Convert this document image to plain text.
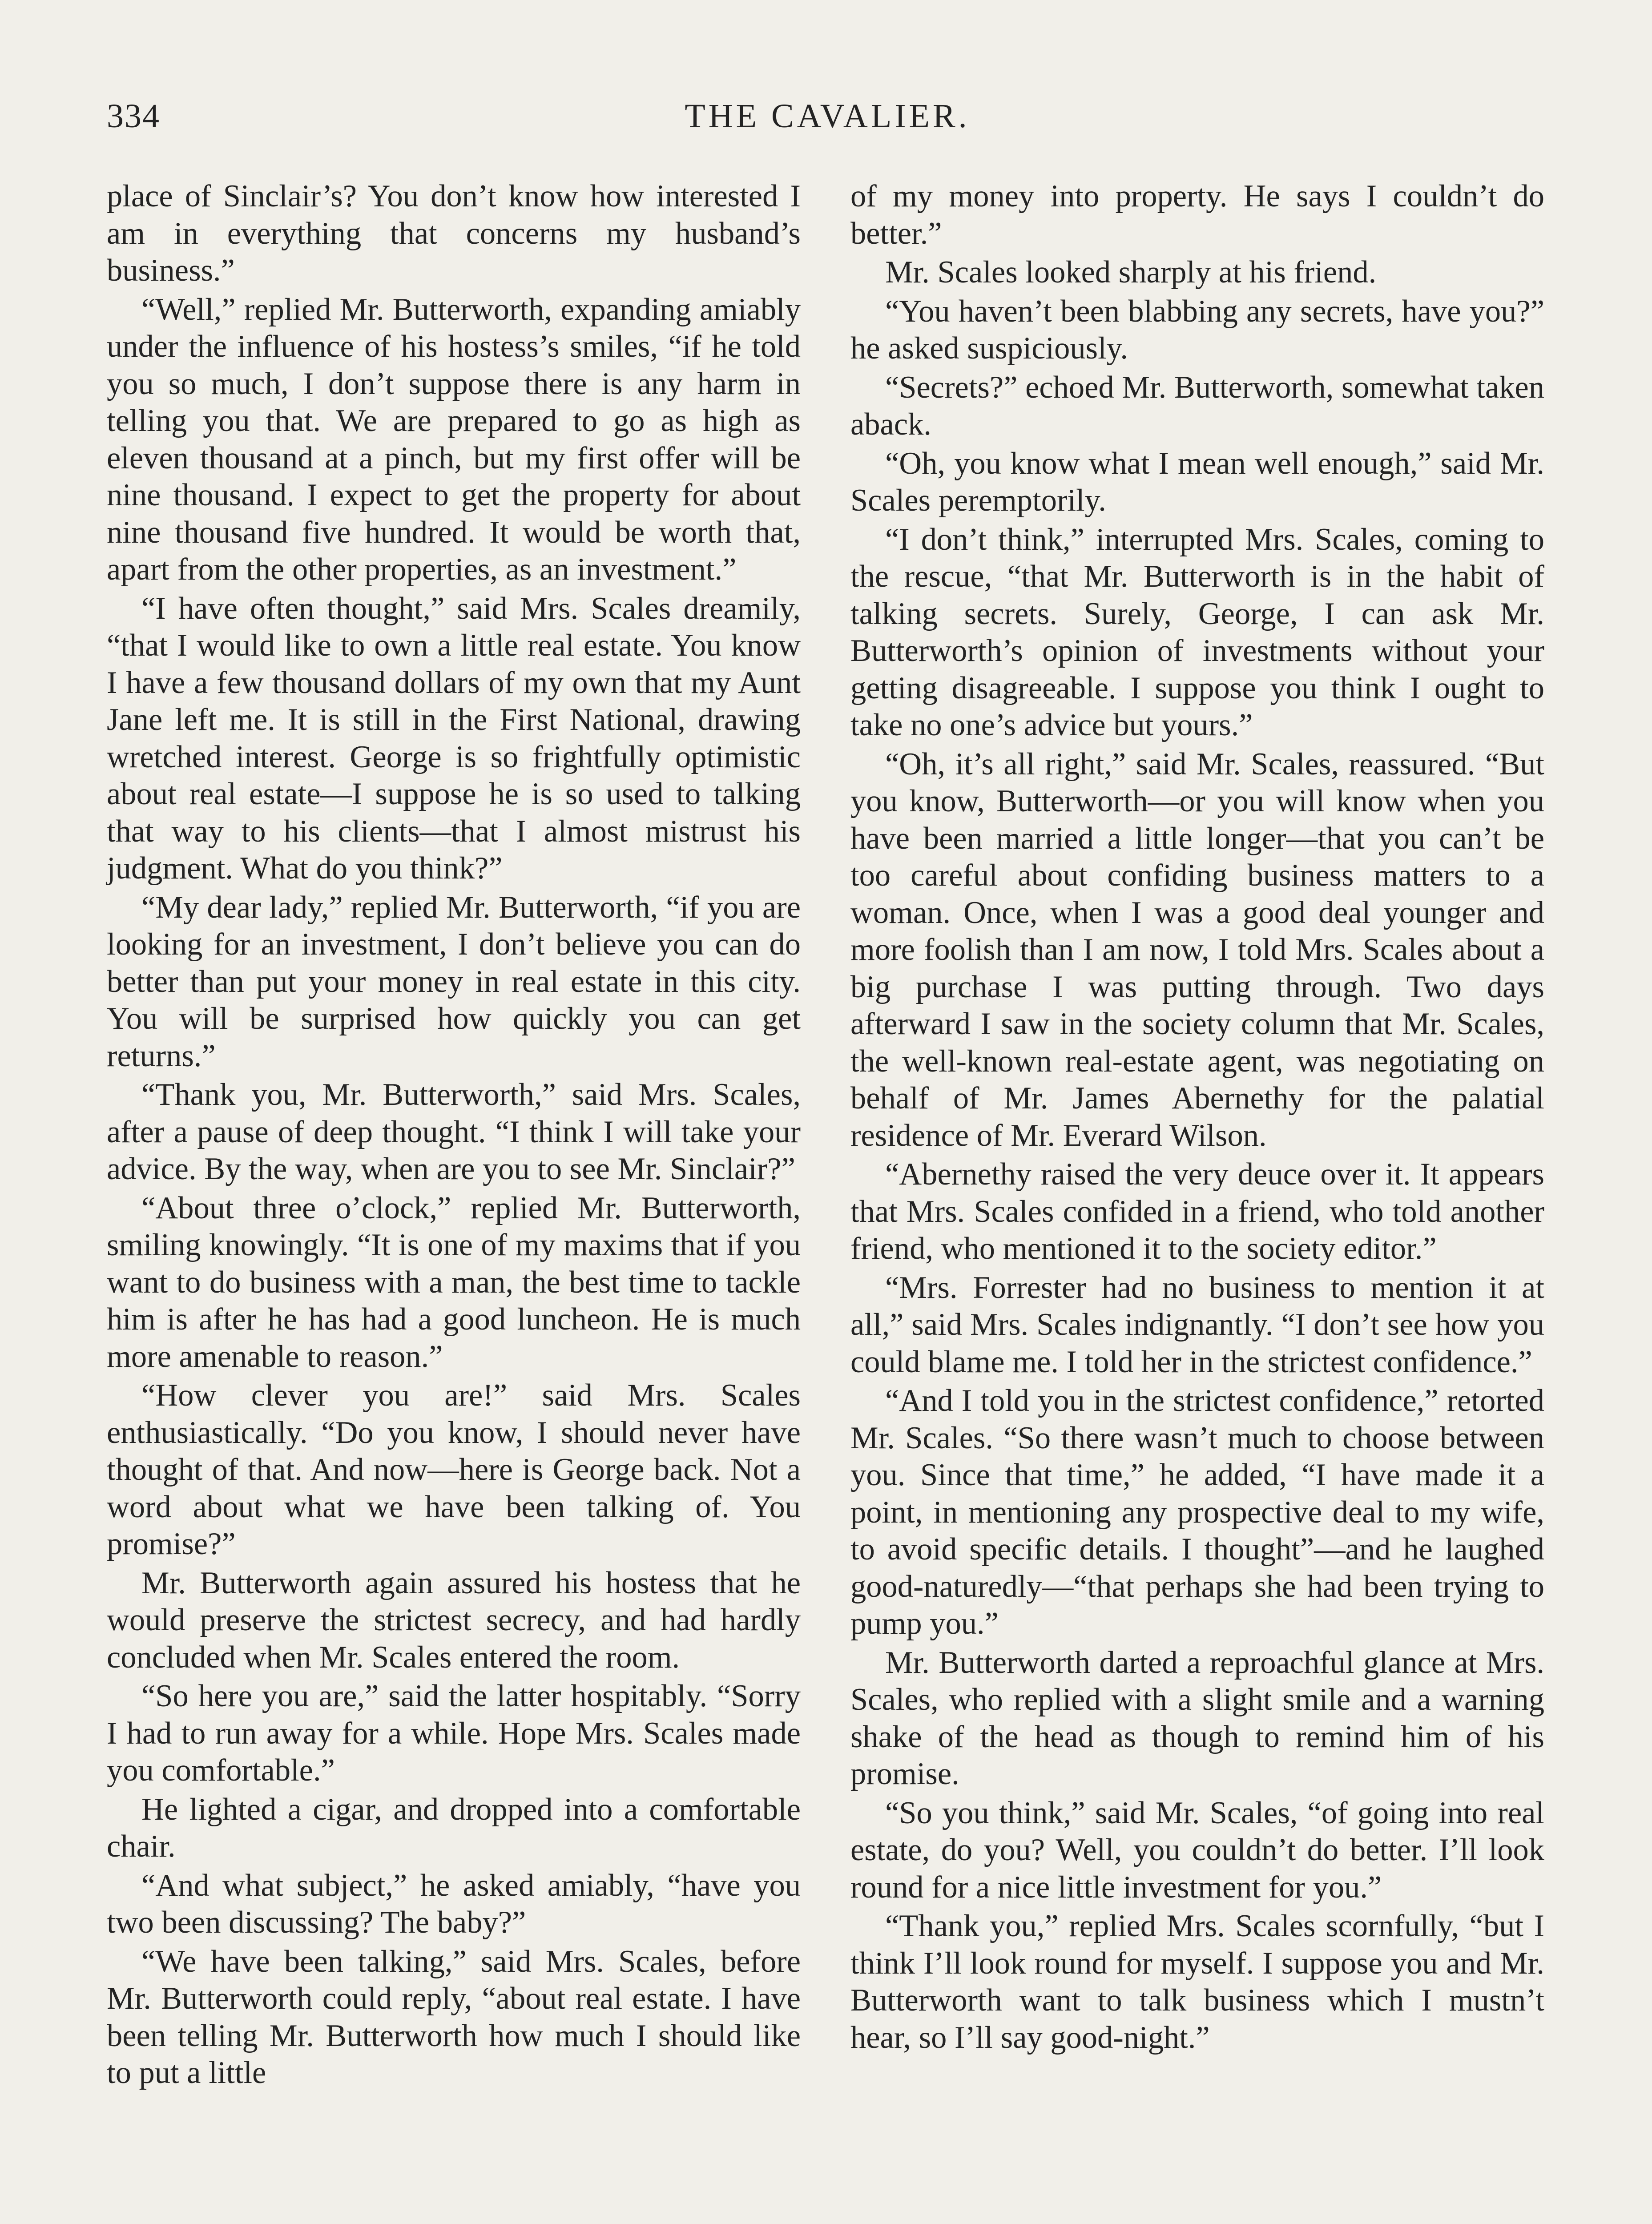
334	THE CAVALIER.

place of Sinclair’s? You don’t know how interested I am in everything that concerns my husband’s business.”

“Well,” replied Mr. Butterworth, expanding amiably under the influence of his hostess’s smiles, “if he told you so much, I don’t suppose there is any harm in telling you that. We are prepared to go as high as eleven thousand at a pinch, but my first offer will be nine thousand. I expect to get the property for about nine thousand five hundred. It would be worth that, apart from the other properties, as an investment.”

“I have often thought,” said Mrs. Scales dreamily, “that I would like to own a little real estate. You know I have a few thousand dollars of my own that my Aunt Jane left me. It is still in the First National, drawing wretched interest. George is so frightfully optimistic about real estate—I suppose he is so used to talking that way to his clients—that I almost mistrust his judgment. What do you think?”

“My dear lady,” replied Mr. Butterworth, “if you are looking for an investment, I don’t believe you can do better than put your money in real estate in this city. You will be surprised how quickly you can get returns.”

“Thank you, Mr. Butterworth,” said Mrs. Scales, after a pause of deep thought. “I think I will take your advice. By the way, when are you to see Mr. Sinclair?”

“About three o’clock,” replied Mr. Butterworth, smiling knowingly. “It is one of my maxims that if you want to do business with a man, the best time to tackle him is after he has had a good luncheon. He is much more amenable to reason.”

“How clever you are!” said Mrs. Scales enthusiastically. “Do you know, I should never have thought of that. And now—here is George back. Not a word about what we have been talking of. You promise?”

Mr. Butterworth again assured his hostess that he would preserve the strictest secrecy, and had hardly concluded when Mr. Scales entered the room.

“So here you are,” said the latter hospitably. “Sorry I had to run away for a while. Hope Mrs. Scales made you comfortable.”

He lighted a cigar, and dropped into a comfortable chair.

“And what subject,” he asked amiably, “have you two been discussing? The baby?”

“We have been talking,” said Mrs. Scales, before Mr. Butterworth could reply, “about real estate. I have been telling Mr. Butterworth how much I should like to put a little

of my money into property. He says I couldn’t do better.”

Mr. Scales looked sharply at his friend.

“You haven’t been blabbing any secrets, have you?” he asked suspiciously.

“Secrets?” echoed Mr. Butterworth, somewhat taken aback.

“Oh, you know what I mean well enough,” said Mr. Scales peremptorily.

“I don’t think,” interrupted Mrs. Scales, coming to the rescue, “that Mr. Butterworth is in the habit of talking secrets. Surely, George, I can ask Mr. Butterworth’s opinion of investments without your getting disagreeable. I suppose you think I ought to take no one’s advice but yours.”

“Oh, it’s all right,” said Mr. Scales, reassured. “But you know, Butterworth—or you will know when you have been married a little longer—that you can’t be too careful about confiding business matters to a woman. Once, when I was a good deal younger and more foolish than I am now, I told Mrs. Scales about a big purchase I was putting through. Two days afterward I saw in the society column that Mr. Scales, the well-known real-estate agent, was negotiating on behalf of Mr. James Abernethy for the palatial residence of Mr. Everard Wilson.

“Abernethy raised the very deuce over it. It appears that Mrs. Scales confided in a friend, who told another friend, who mentioned it to the society editor.”

“Mrs. Forrester had no business to mention it at all,” said Mrs. Scales indignantly. “I don’t see how you could blame me. I told her in the strictest confidence.”

“And I told you in the strictest confidence,” retorted Mr. Scales. “So there wasn’t much to choose between you. Since that time,” he added, “I have made it a point, in mentioning any prospective deal to my wife, to avoid specific details. I thought”—and he laughed good-naturedly—“that perhaps she had been trying to pump you.”

Mr. Butterworth darted a reproachful glance at Mrs. Scales, who replied with a slight smile and a warning shake of the head as though to remind him of his promise.

“So you think,” said Mr. Scales, “of going into real estate, do you? Well, you couldn’t do better. I’ll look round for a nice little investment for you.”

“Thank you,” replied Mrs. Scales scornfully, “but I think I’ll look round for myself. I suppose you and Mr. Butterworth want to talk business which I mustn’t hear, so I’ll say good-night.”
